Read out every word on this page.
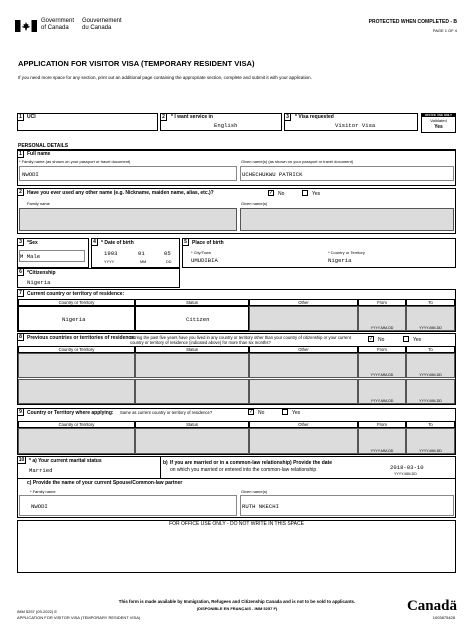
Government
of Canada
Gouvernement
du Canada
PROTECTED WHEN COMPLETED - B
PAGE 1 OF 4
APPLICATION FOR VISITOR VISA (TEMPORARY RESIDENT VISA)
If you need more space for any section, print out an additional page containing the appropriate section, complete and submit it with your application.
1	UCI	2	* I want service in
English
3	* Visa requested
Visitor Visa
OFFICE USE ONLY
Validated
Yes
PERSONAL DETAILS
1	Full name
* Family name (as shown on your passport or travel document)
NWODI
Given name(s) (as shown on your passport or travel document)
UCHECHUKWU PATRICK
2	Have you ever used any other name (e.g. Nickname, maiden name, alias, etc.)?	✓ No	Yes
Family name	Given name(s)
3	*Sex
M Male
4	* Date of birth
1993	01	05
YYYY	MM	DD
5	Place of birth
* City/Town
UMUDIBIA
* Country or Territory
Nigeria
6	*Citizenship
Nigeria
7	Current country or territory of residence:
Country or Territory	Status	Other	From	To
Nigeria	Citizen
YYYY-MM-DD	YYYY-MM-DD
8	Previous countries or territories of residence:
During the past five years have you lived in any country or territory other than your country of citizenship or your current country or territory of residence (indicated above) for more than six months?
✓ No	Yes
Country or Territory	Status	Other	From	To
YYYY-MM-DD	YYYY-MM-DD
YYYY-MM-DD	YYYY-MM-DD
9	Country or Territory where applying: Same as current country or territory of residence?	✓ No	Yes
Country or Territory	Status	Other	From	To
YYYY-MM-DD	YYYY-MM-DD
10 * a) Your current marital status
Married
b) If you are married or in a common-law relationship) Provide the date
on which you married or entered into the common-law relationship	2018-03-10
YYYY-MM-DD
c) Provide the name of your current Spouse/Common-law partner
* Family name
NWODI
Given name(s)
RUTH NKECHI
FOR OFFICE USE ONLY - DO NOT WRITE IN THIS SPACE
This form is made available by Immigration, Refugees and Citizenship Canada and is not to be sold to applicants.
IMM 5257 (09-2022) E
APPLICATION FOR VISITOR VISA (TEMPORARY RESIDENT VISA)
(DISPONIBLE EN FRANÇAIS - IMM 5257 F)	Canadä
1003875428
